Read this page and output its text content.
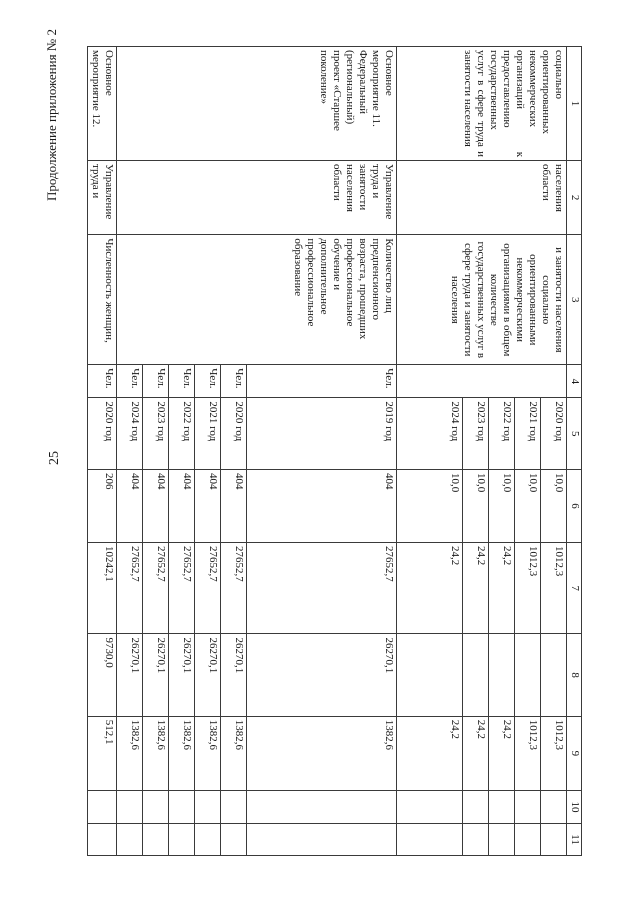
25
Продолжение приложения № 2	1	2	3	4	5	6	7	8	9	10	11
социально ориентированных некоммерческих организаций к предоставлению государственных услуг в сфере труда и занятости населения	населения области	и занятости населения социально ориентированными некоммерческими организациями в общем количестве государственных услуг в сфере труда и занятости населения		2020 год	10,0	1012,3		1012,3		
				2021 год	10,0	1012,3		1012,3		
				2022 год	10,0	24,2		24,2		
				2023 год	10,0	24,2		24,2		
				2024 год	10,0	24,2		24,2		
Основное мероприятие 11. Федеральный (региональный) проект «Старшее поколение»	Управление труда и занятости населения области	Количество лиц предпенсионного возраста, прошедших профессиональное обучение и дополнительное профессиональное образование	Чел.	2019 год	404	27652,7	26270,1	1382,6		
			Чел.	2020 год	404	27652,7	26270,1	1382,6		
			Чел.	2021 год	404	27652,7	26270,1	1382,6		
			Чел.	2022 год	404	27652,7	26270,1	1382,6		
			Чел.	2023 год	404	27652,7	26270,1	1382,6		
			Чел.	2024 год	404	27652,7	26270,1	1382,6		
Основное мероприятие 12.	Управление труда и	Численность женщин,	Чел.	2020 год	206	10242,1	9730,0	512,1		
